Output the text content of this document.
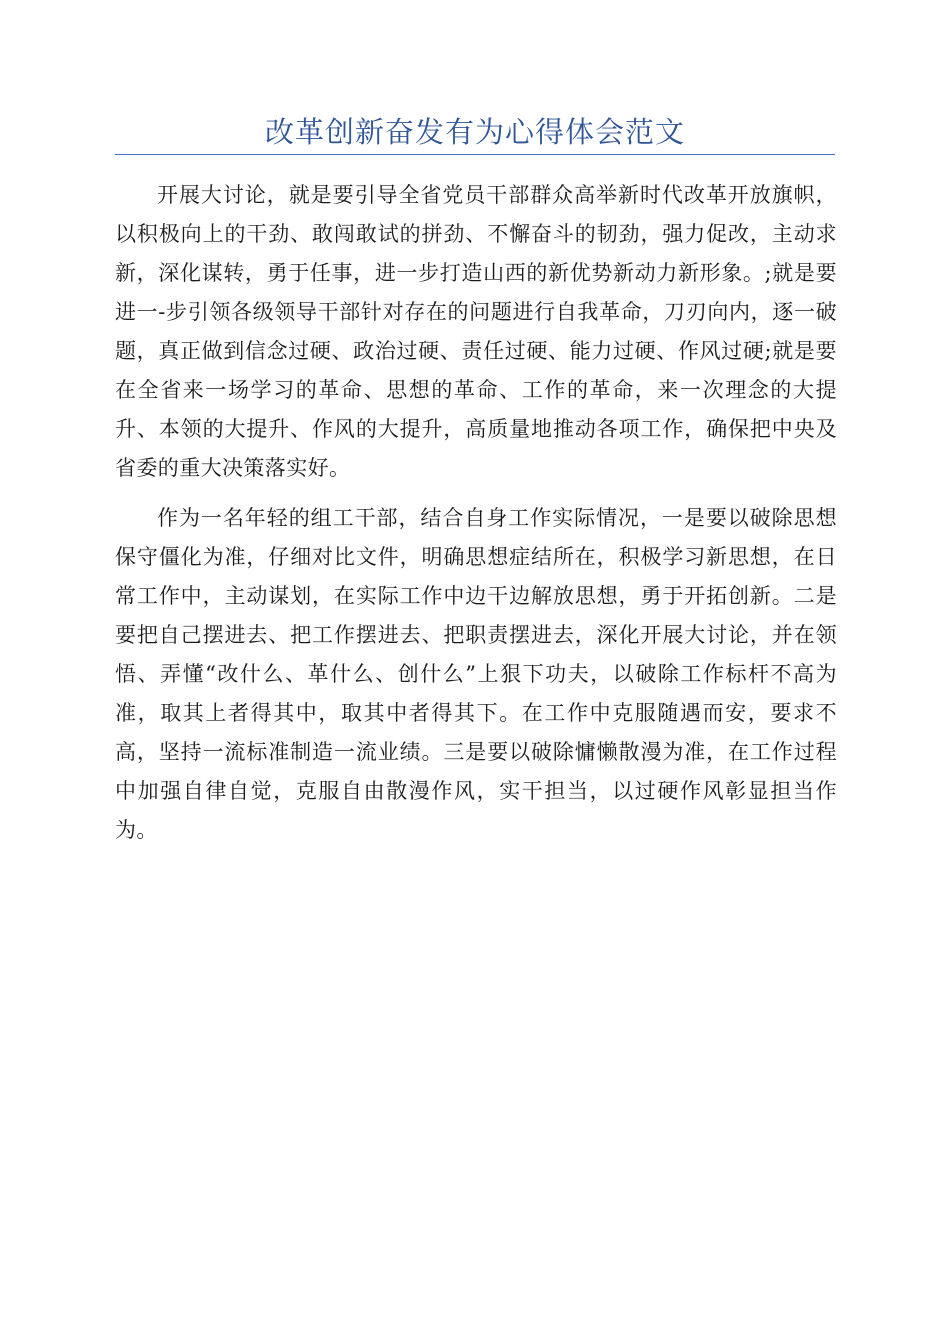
改革创新奋发有为心得体会范文

开展大讨论，就是要引导全省党员干部群众高举新时代改革开放旗帜，以积极向上的干劲、敢闯敢试的拼劲、不懈奋斗的韧劲，强力促改，主动求新，深化谋转，勇于任事，进一步打造山西的新优势新动力新形象。;就是要进一-步引领各级领导干部针对存在的问题进行自我革命，刀刃向内，逐一破题，真正做到信念过硬、政治过硬、责任过硬、能力过硬、作风过硬;就是要在全省来一场学习的革命、思想的革命、工作的革命，来一次理念的大提升、本领的大提升、作风的大提升，高质量地推动各项工作，确保把中央及省委的重大决策落实好。

作为一名年轻的组工干部，结合自身工作实际情况，一是要以破除思想保守僵化为准，仔细对比文件，明确思想症结所在，积极学习新思想，在日常工作中，主动谋划，在实际工作中边干边解放思想，勇于开拓创新。二是要把自己摆进去、把工作摆进去、把职责摆进去，深化开展大讨论，并在领悟、弄懂“改什么、革什么、创什么”上狠下功夫，以破除工作标杆不高为准，取其上者得其中，取其中者得其下。在工作中克服随遇而安，要求不高，坚持一流标准制造一流业绩。三是要以破除慵懒散漫为准，在工作过程中加强自律自觉，克服自由散漫作风，实干担当，以过硬作风彰显担当作为。
